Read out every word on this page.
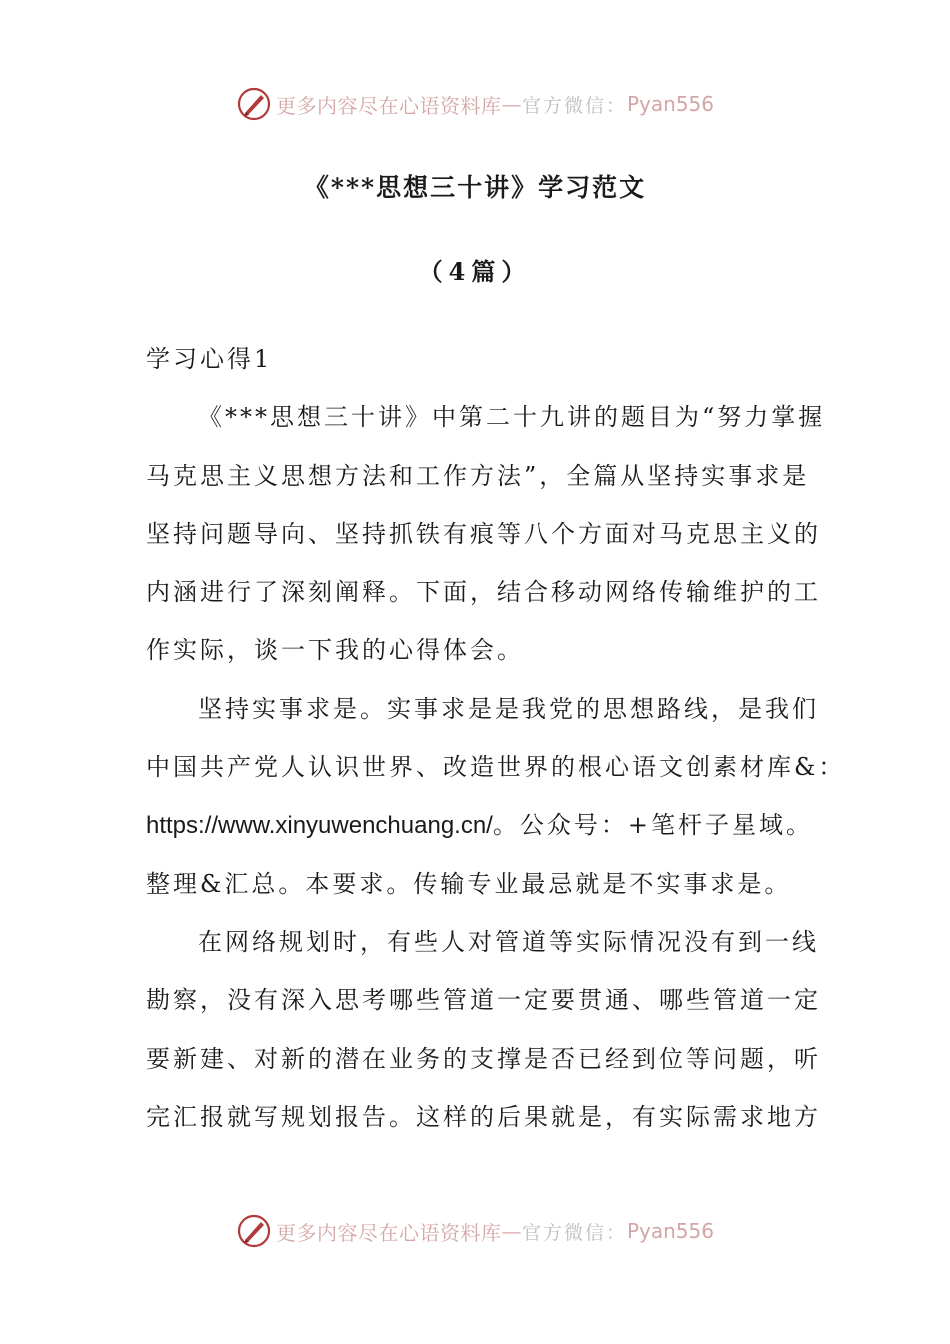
更多内容尽在心语资料库 — 官方微信： Pyan556
《***思想三十讲》学习范文
（4篇）
学习心得1
《***思想三十讲》中第二十九讲的题目为“努力掌握
马克思主义思想方法和工作方法”，全篇从坚持实事求是
坚持问题导向、坚持抓铁有痕等八个方面对马克思主义的
内涵进行了深刻阐释。下面，结合移动网络传输维护的工
作实际，谈一下我的心得体会。
坚持实事求是。实事求是是我党的思想路线，是我们
中国共产党人认识世界、改造世界的根心语文创素材库&：
https://www.xinyuwenchuang.cn/。公众号：+笔杆子星域。
整理&汇总。本要求。传输专业最忌就是不实事求是。
在网络规划时，有些人对管道等实际情况没有到一线
勘察，没有深入思考哪些管道一定要贯通、哪些管道一定
要新建、对新的潜在业务的支撑是否已经到位等问题，听
完汇报就写规划报告。这样的后果就是，有实际需求地方
更多内容尽在心语资料库 — 官方微信： Pyan556
